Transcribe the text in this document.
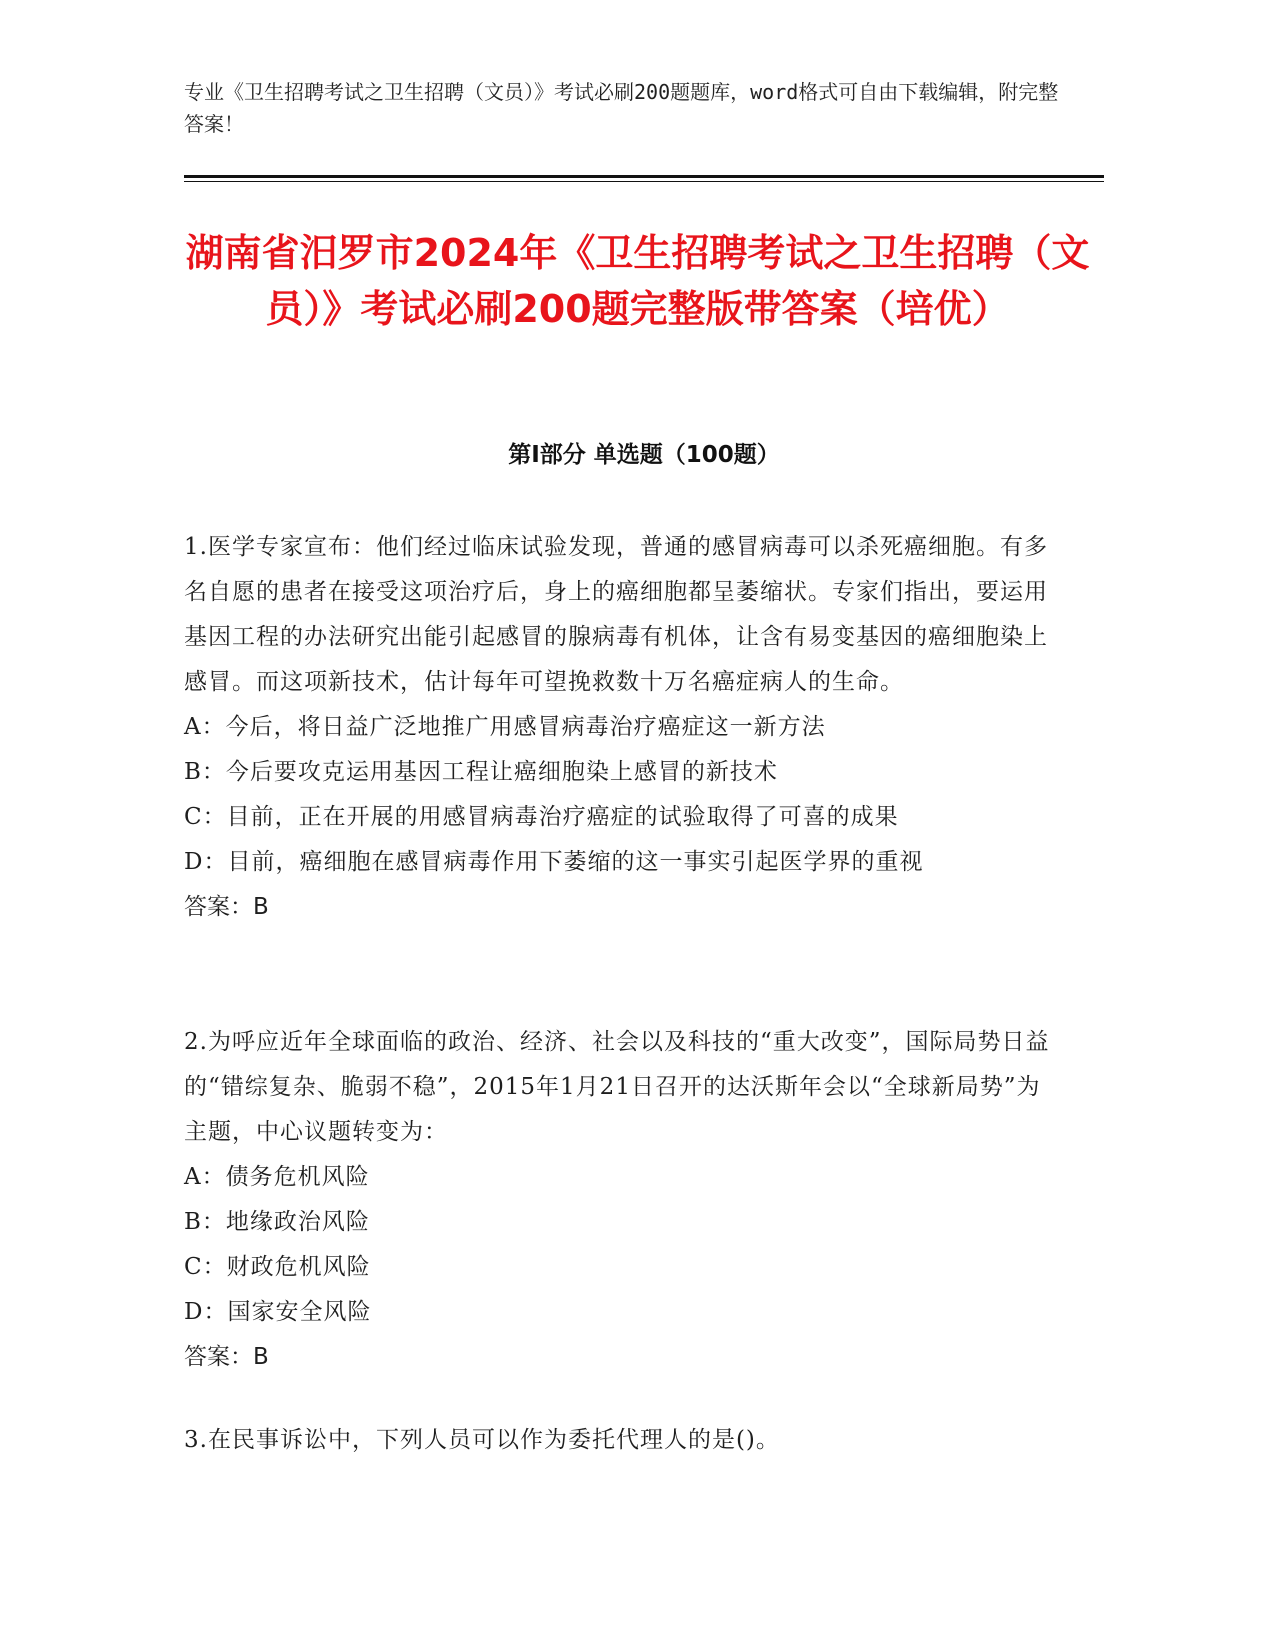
专业《卫生招聘考试之卫生招聘（文员）》考试必刷200题题库，word格式可自由下载编辑，附完整答案！
湖南省汨罗市2024年《卫生招聘考试之卫生招聘（文员）》考试必刷200题完整版带答案（培优）
第Ⅰ部分 单选题（100题）

1.医学专家宣布：他们经过临床试验发现，普通的感冒病毒可以杀死癌细胞。有多名自愿的患者在接受这项治疗后，身上的癌细胞都呈萎缩状。专家们指出，要运用基因工程的办法研究出能引起感冒的腺病毒有机体，让含有易变基因的癌细胞染上感冒。而这项新技术，估计每年可望挽救数十万名癌症病人的生命。

A：今后，将日益广泛地推广用感冒病毒治疗癌症这一新方法

B：今后要攻克运用基因工程让癌细胞染上感冒的新技术

C：目前，正在开展的用感冒病毒治疗癌症的试验取得了可喜的成果

D：目前，癌细胞在感冒病毒作用下萎缩的这一事实引起医学界的重视

答案：B

2.为呼应近年全球面临的政治、经济、社会以及科技的“重大改变”，国际局势日益的“错综复杂、脆弱不稳”，2015年1月21日召开的达沃斯年会以“全球新局势”为主题，中心议题转变为：

A：债务危机风险

B：地缘政治风险

C：财政危机风险

D：国家安全风险

答案：B

3.在民事诉讼中，下列人员可以作为委托代理人的是()。
